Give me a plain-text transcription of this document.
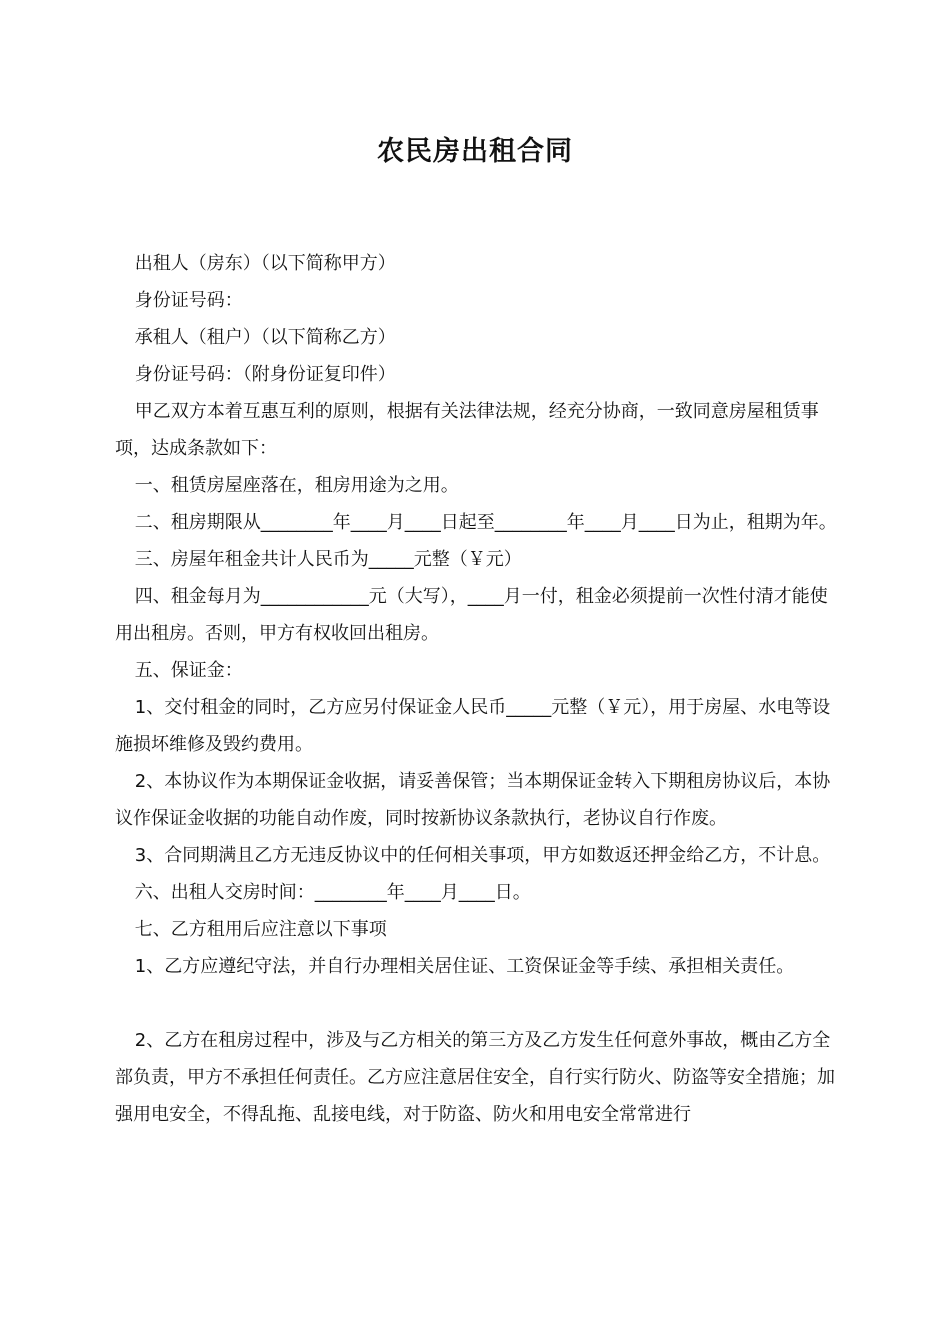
农民房出租合同

出租人（房东）（以下简称甲方）

身份证号码：

承租人（租户）（以下简称乙方）

身份证号码：（附身份证复印件）

甲乙双方本着互惠互利的原则，根据有关法律法规，经充分协商，一致同意房屋租赁事项，达成条款如下：

一、租赁房屋座落在，租房用途为之用。

二、租房期限从________年____月____日起至________年____月____日为止，租期为年。

三、房屋年租金共计人民币为_____元整（￥元）

四、租金每月为____________元（大写），____月一付，租金必须提前一次性付清才能使用出租房。否则，甲方有权收回出租房。

五、保证金：

1、交付租金的同时，乙方应另付保证金人民币_____元整（￥元），用于房屋、水电等设施损坏维修及毁约费用。

2、本协议作为本期保证金收据，请妥善保管；当本期保证金转入下期租房协议后，本协议作保证金收据的功能自动作废，同时按新协议条款执行，老协议自行作废。

3、合同期满且乙方无违反协议中的任何相关事项，甲方如数返还押金给乙方，不计息。

六、出租人交房时间：________年____月____日。

七、乙方租用后应注意以下事项

1、乙方应遵纪守法，并自行办理相关居住证、工资保证金等手续、承担相关责任。

2、乙方在租房过程中，涉及与乙方相关的第三方及乙方发生任何意外事故，概由乙方全部负责，甲方不承担任何责任。乙方应注意居住安全，自行实行防火、防盗等安全措施；加强用电安全，不得乱拖、乱接电线，对于防盗、防火和用电安全常常进行
